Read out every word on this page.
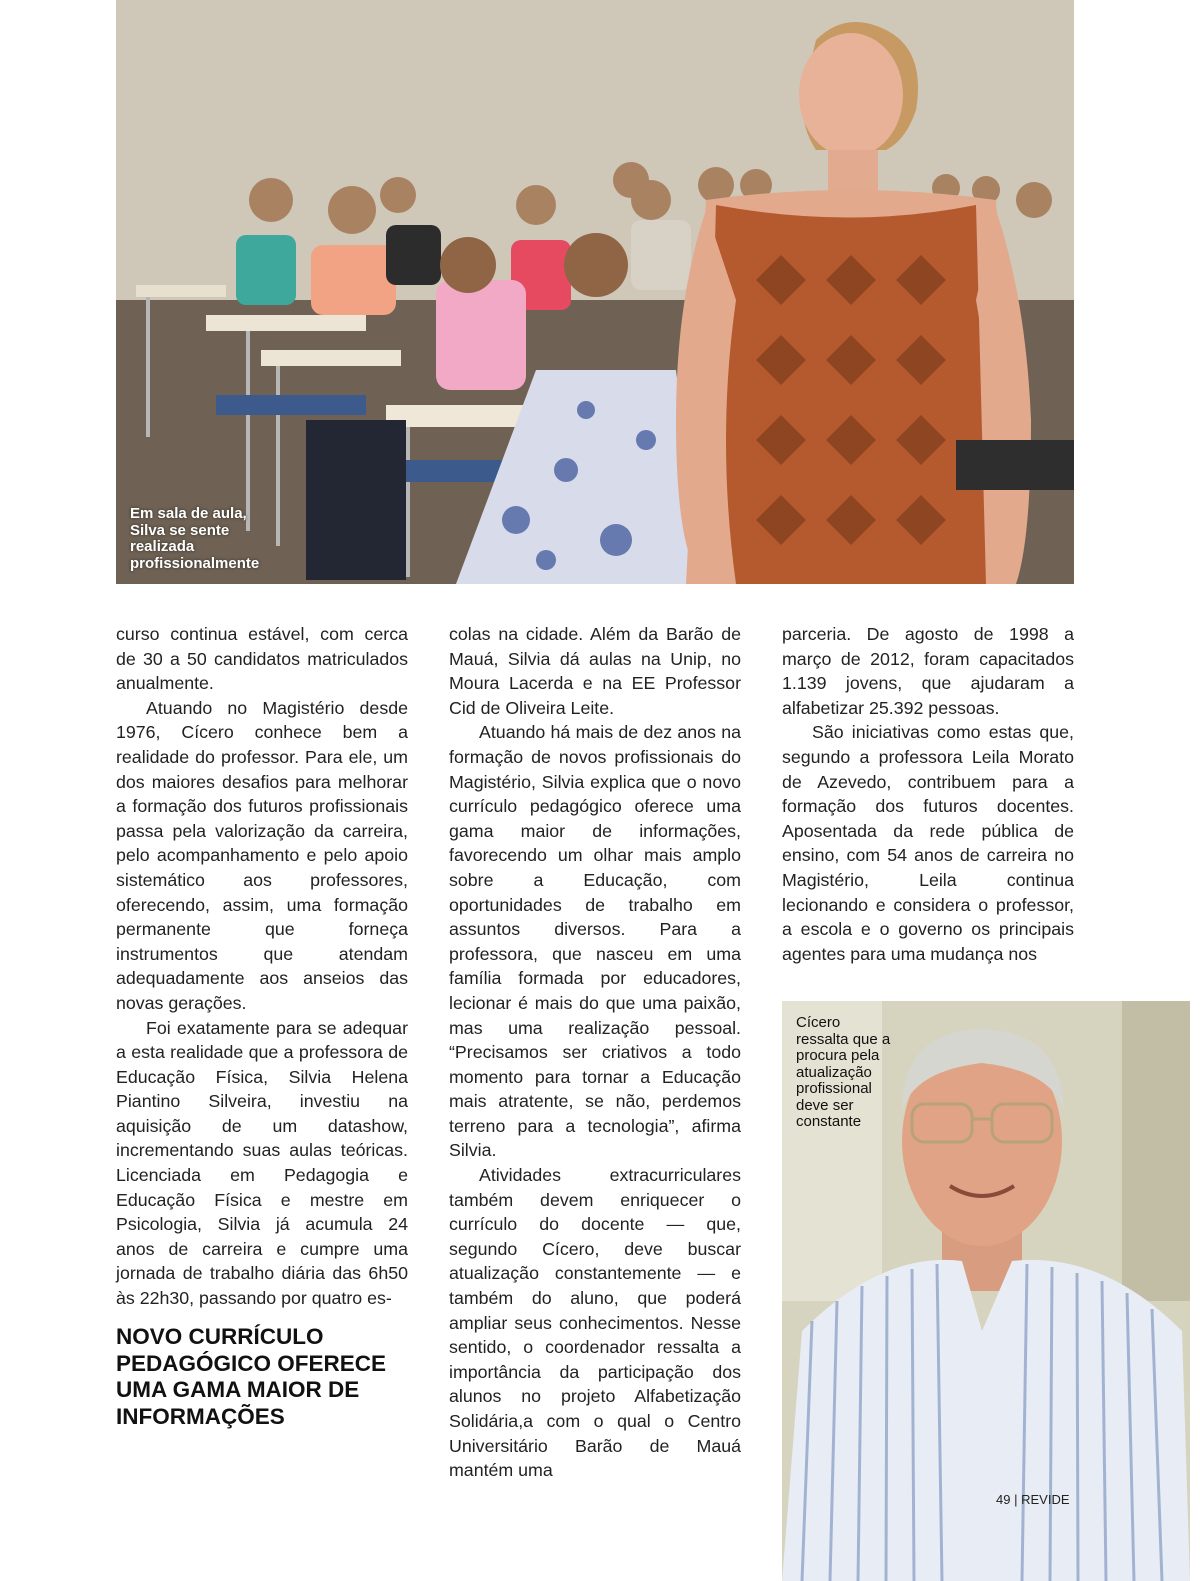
Em sala de aula, Silva se sente realizada profissionalmente

curso continua estável, com cerca de 30 a 50 candidatos matriculados anualmente.

Atuando no Magistério desde 1976, Cícero conhece bem a realidade do professor. Para ele, um dos maiores desafios para melhorar a formação dos futuros profissionais passa pela valorização da carreira, pelo acompanhamento e pelo apoio sistemático aos professores, oferecendo, assim, uma formação permanente que forneça instrumentos que atendam adequadamente aos anseios das novas gerações.

Foi exatamente para se adequar a esta realidade que a professora de Educação Física, Silvia Helena Piantino Silveira, investiu na aquisição de um datashow, incrementando suas aulas teóricas. Licenciada em Pedagogia e Educação Física e mestre em Psicologia, Silvia já acumula 24 anos de carreira e cumpre uma jornada de trabalho diária das 6h50 às 22h30, passando por quatro es-

NOVO CURRÍCULO PEDAGÓGICO OFERECE UMA GAMA MAIOR DE INFORMAÇÕES

colas na cidade. Além da Barão de Mauá, Silvia dá aulas na Unip, no Moura Lacerda e na EE Professor Cid de Oliveira Leite.

Atuando há mais de dez anos na formação de novos profissionais do Magistério, Silvia explica que o novo currículo pedagógico oferece uma gama maior de informações, favorecendo um olhar mais amplo sobre a Educação, com oportunidades de trabalho em assuntos diversos. Para a professora, que nasceu em uma família formada por educadores, lecionar é mais do que uma paixão, mas uma realização pessoal. “Precisamos ser criativos a todo momento para tornar a Educação mais atratente, se não, perdemos terreno para a tecnologia”, afirma Silvia.

Atividades extracurriculares também devem enriquecer o currículo do docente — que, segundo Cícero, deve buscar atualização constantemente — e também do aluno, que poderá ampliar seus conhecimentos. Nesse sentido, o coordenador ressalta a importância da participação dos alunos no projeto Alfabetização Solidária,a com o qual o Centro Universitário Barão de Mauá mantém uma

parceria. De agosto de 1998 a março de 2012, foram capacitados 1.139 jovens, que ajudaram a alfabetizar 25.392 pessoas.

São iniciativas como estas que, segundo a professora Leila Morato de Azevedo, contribuem para a formação dos futuros docentes. Aposentada da rede pública de ensino, com 54 anos de carreira no Magistério, Leila continua lecionando e considera o professor, a escola e o governo os principais agentes para uma mudança nos

Cícero ressalta que a procura pela atualização profissional deve ser constante
49 | REVIDE
